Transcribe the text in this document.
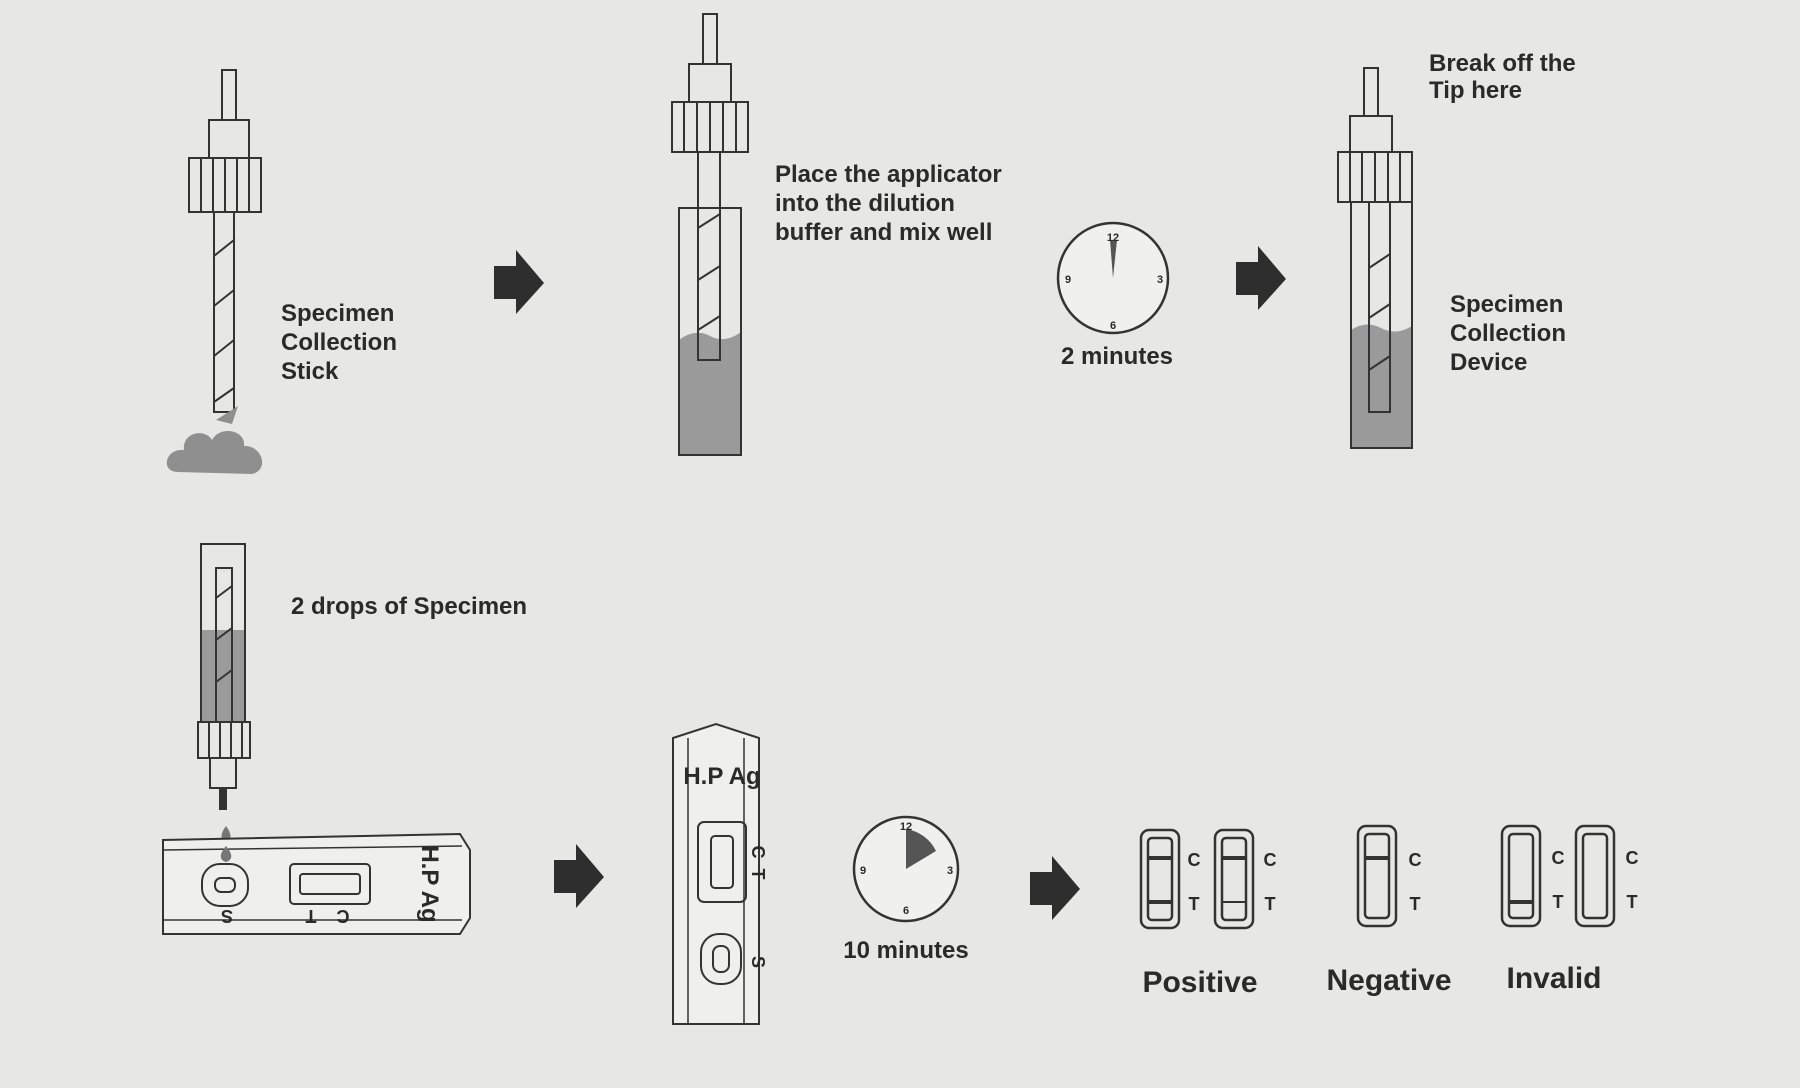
Specimen
Collection
Stick
Place the applicator
into the dilution
buffer and mix well	12
3
6
9
2 minutes
Break off the
Tip here
Specimen
Collection
Device
2 drops of Specimen
S	T C	H.P Ag
H.P Ag
C
T
S
12
3
6
9
10 minutes
C
T
C
T
C
T
C
T
C
T
Positive Negative Invalid
